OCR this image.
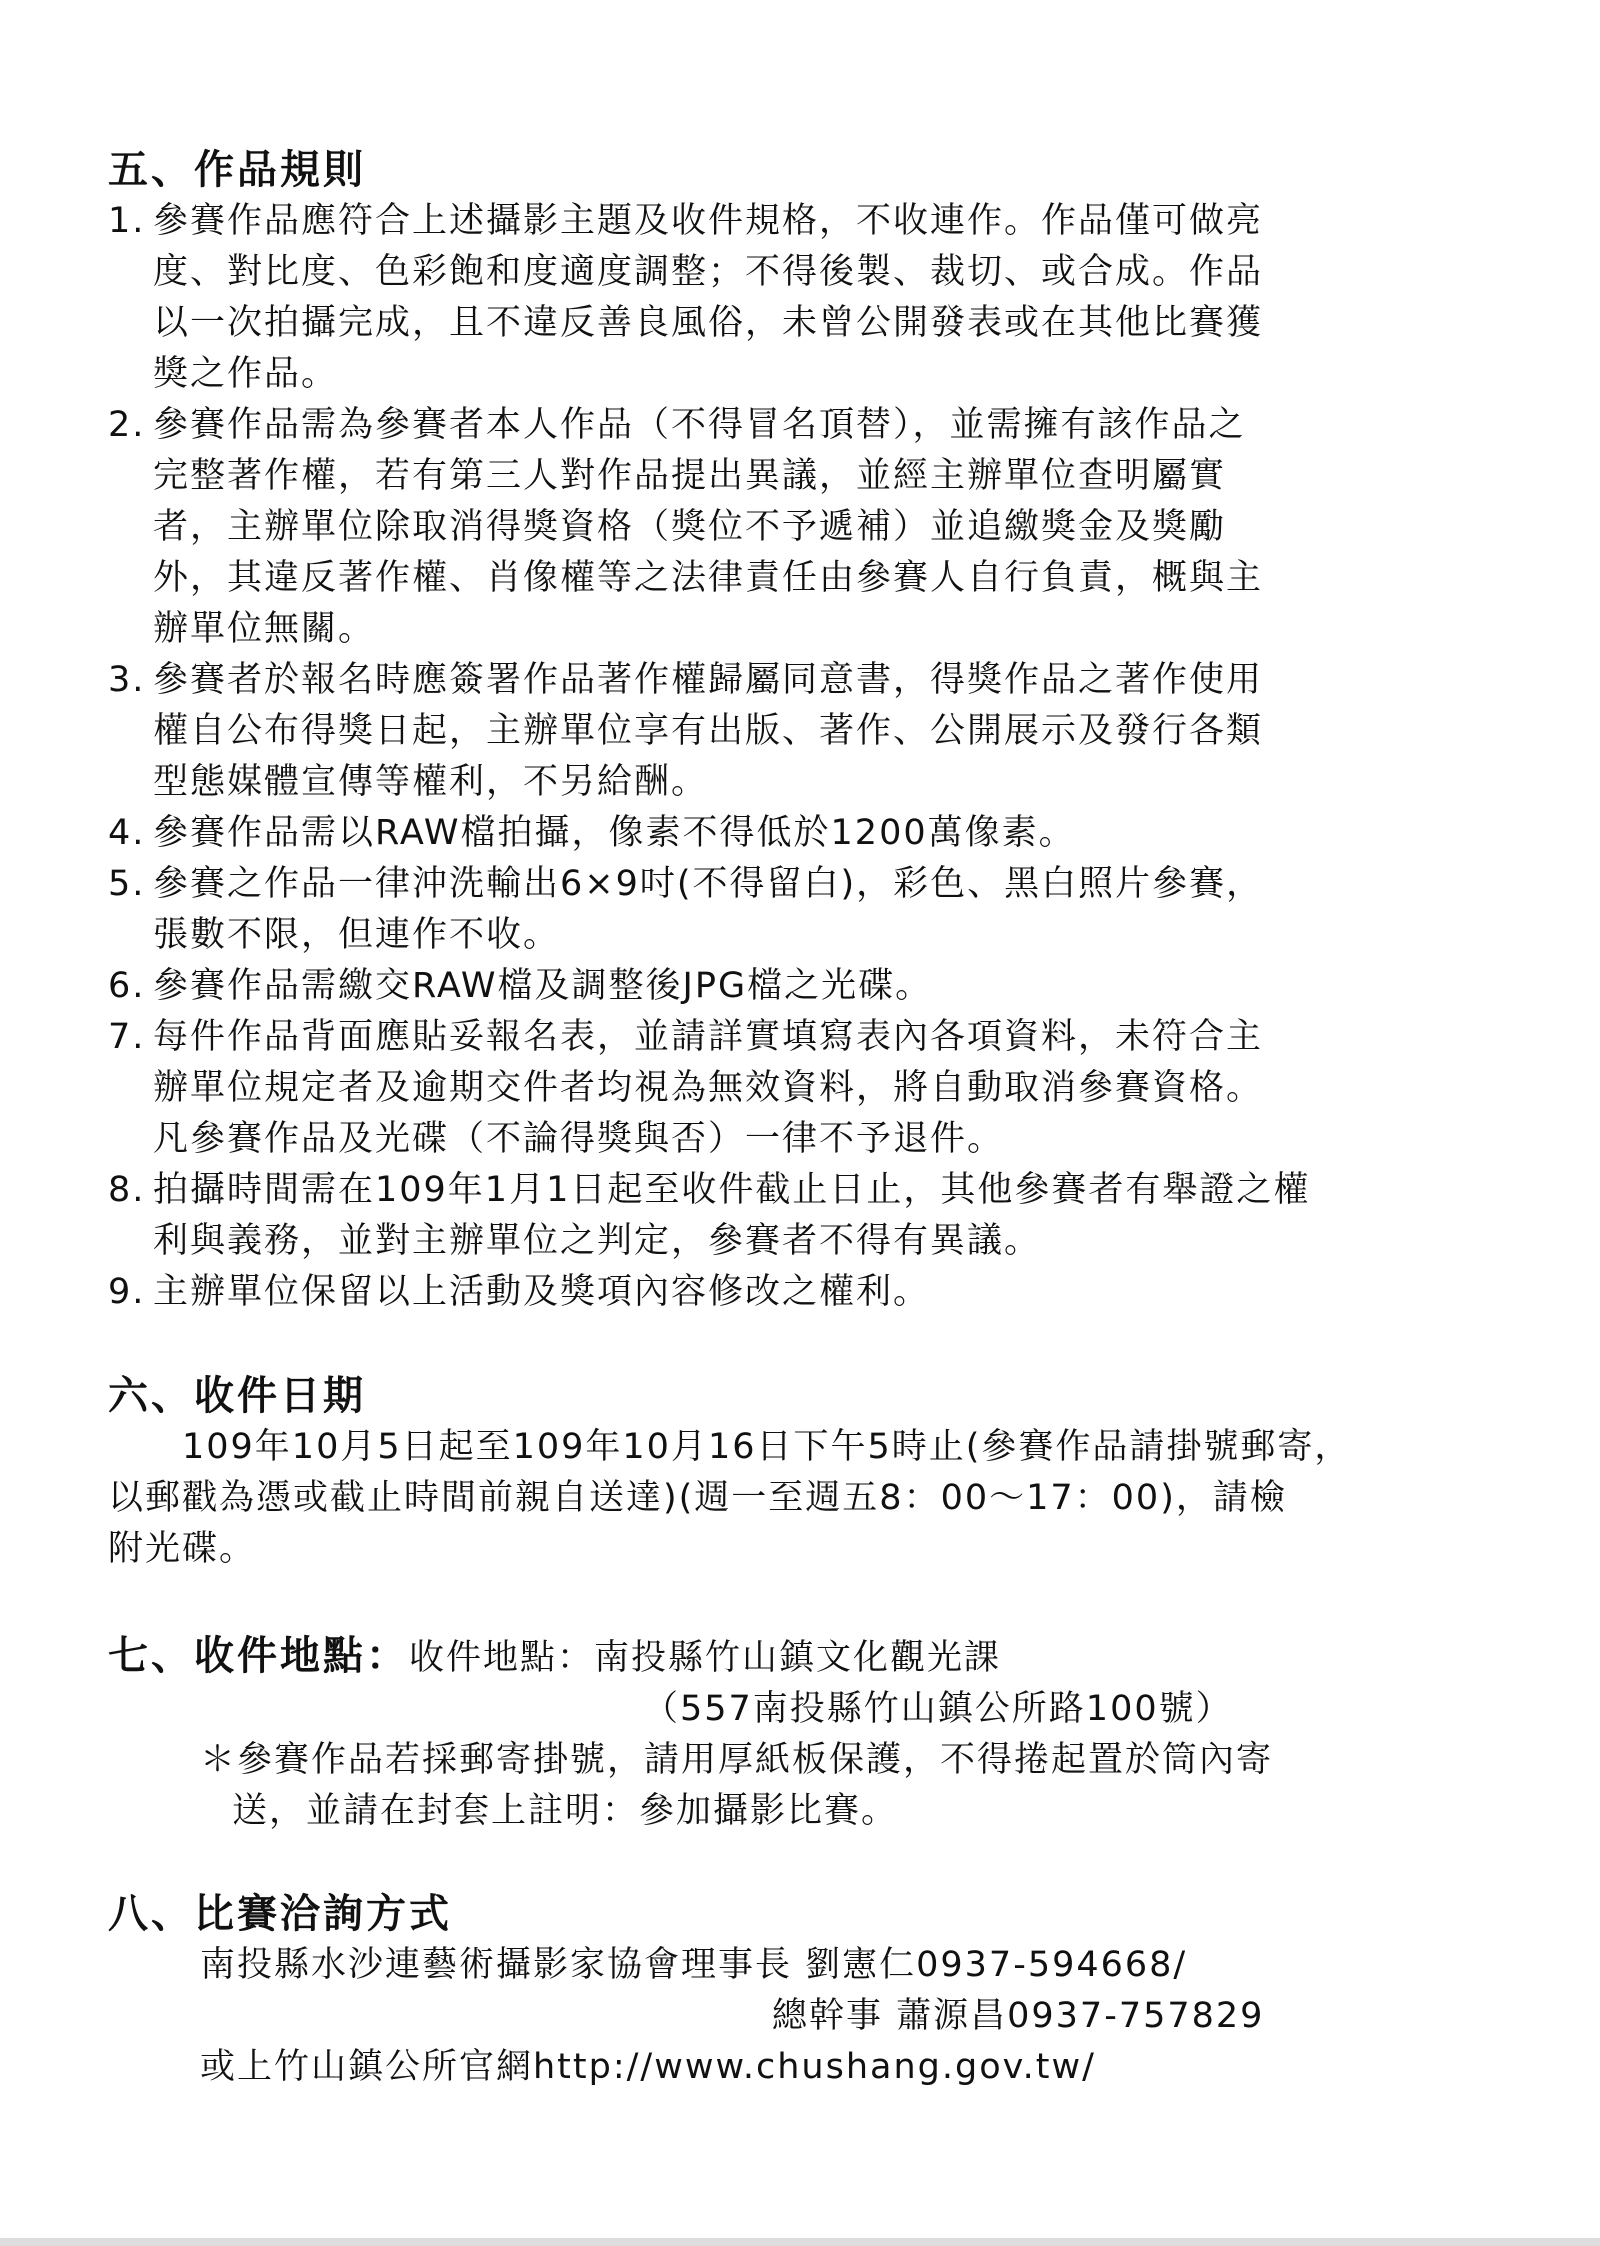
五、作品規則
1. 參賽作品應符合上述攝影主題及收件規格，不收連作。作品僅可做亮
度、對比度、色彩飽和度適度調整；不得後製、裁切、或合成。作品
以一次拍攝完成，且不違反善良風俗，未曾公開發表或在其他比賽獲
獎之作品。
2. 參賽作品需為參賽者本人作品（不得冒名頂替），並需擁有該作品之
完整著作權，若有第三人對作品提出異議，並經主辦單位查明屬實
者，主辦單位除取消得獎資格（獎位不予遞補）並追繳獎金及獎勵
外，其違反著作權、肖像權等之法律責任由參賽人自行負責，概與主
辦單位無關。
3. 參賽者於報名時應簽署作品著作權歸屬同意書，得獎作品之著作使用
權自公布得獎日起，主辦單位享有出版、著作、公開展示及發行各類
型態媒體宣傳等權利，不另給酬。
4. 參賽作品需以RAW檔拍攝，像素不得低於1200萬像素。
5. 參賽之作品一律沖洗輸出6×9吋(不得留白)，彩色、黑白照片參賽，
張數不限，但連作不收。
6. 參賽作品需繳交RAW檔及調整後JPG檔之光碟。
7. 每件作品背面應貼妥報名表，並請詳實填寫表內各項資料，未符合主
辦單位規定者及逾期交件者均視為無效資料，將自動取消參賽資格。
凡參賽作品及光碟（不論得獎與否）一律不予退件。
8. 拍攝時間需在109年1月1日起至收件截止日止，其他參賽者有舉證之權
利與義務，並對主辦單位之判定，參賽者不得有異議。
9. 主辦單位保留以上活動及獎項內容修改之權利。
六、收件日期
　　109年10月5日起至109年10月16日下午5時止(參賽作品請掛號郵寄，
以郵戳為憑或截止時間前親自送達)(週一至週五8：00～17：00)，請檢
附光碟。
七、收件地點： 收件地點：南投縣竹山鎮文化觀光課
（557南投縣竹山鎮公所路100號）
＊參賽作品若採郵寄掛號，請用厚紙板保護，不得捲起置於筒內寄
送，並請在封套上註明：參加攝影比賽。
八、比賽洽詢方式
南投縣水沙連藝術攝影家協會理事長 劉憲仁0937-594668/
總幹事 蕭源昌0937-757829
或上竹山鎮公所官網http://www.chushang.gov.tw/
